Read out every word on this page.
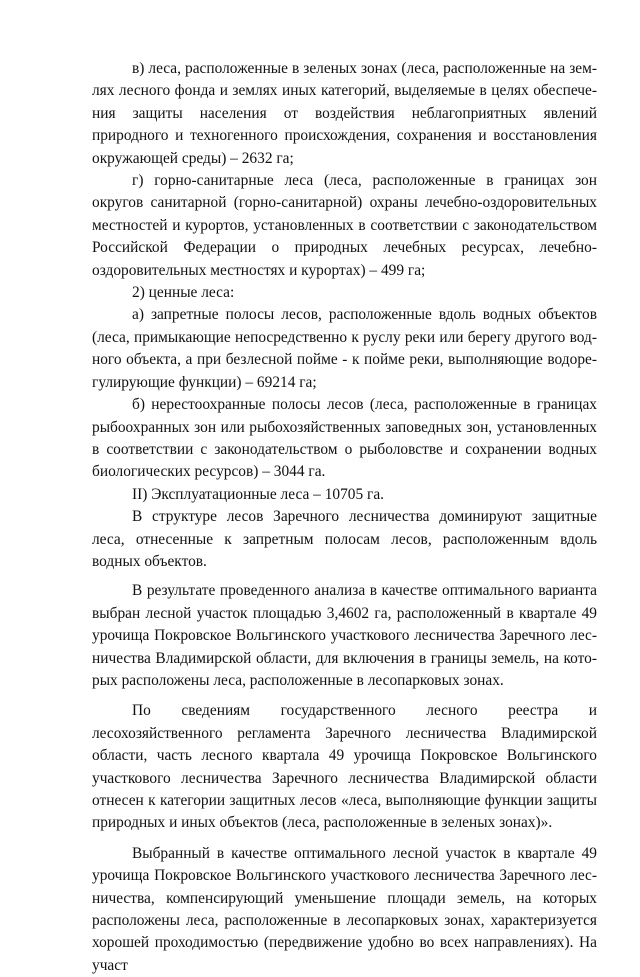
в) леса, расположенные в зеленых зонах (леса, расположенные на землях лесного фонда и землях иных категорий, выделяемые в целях обеспечения защиты населения от воздействия неблагоприятных явлений природного и техногенного происхождения, сохранения и восстановления окружающей среды) – 2632 га;

г) горно-санитарные леса (леса, расположенные в границах зон округов санитарной (горно-санитарной) охраны лечебно-оздоровительных местностей и курортов, установленных в соответствии с законодательством Российской Федерации о природных лечебных ресурсах, лечебно-оздоровительных местностях и курортах) – 499 га;

2) ценные леса:

а) запретные полосы лесов, расположенные вдоль водных объектов (леса, примыкающие непосредственно к руслу реки или берегу другого водного объекта, а при безлесной пойме - к пойме реки, выполняющие водорегулирующие функции) – 69214 га;

б) нерестоохранные полосы лесов (леса, расположенные в границах рыбоохранных зон или рыбохозяйственных заповедных зон, установленных в соответствии с законодательством о рыболовстве и сохранении водных биологических ресурсов) – 3044 га.

II) Эксплуатационные леса – 10705 га.

В структуре лесов Заречного лесничества доминируют защитные леса, отнесенные к запретным полосам лесов, расположенным вдоль водных объектов.

В результате проведенного анализа в качестве оптимального варианта выбран лесной участок площадью 3,4602 га, расположенный в квартале 49 урочища Покровское Вольгинского участкового лесничества Заречного лесничества Владимирской области, для включения в границы земель, на которых расположены леса, расположенные в лесопарковых зонах.

По сведениям государственного лесного реестра и лесохозяйственного регламента Заречного лесничества Владимирской области, часть лесного квартала 49 урочища Покровское Вольгинского участкового лесничества Заречного лесничества Владимирской области отнесен к категории защитных лесов «леса, выполняющие функции защиты природных и иных объектов (леса, расположенные в зеленых зонах)».

Выбранный в качестве оптимального лесной участок в квартале 49 урочища Покровское Вольгинского участкового лесничества Заречного лесничества, компенсирующий уменьшение площади земель, на которых расположены леса, расположенные в лесопарковых зонах, характеризуется хорошей проходимостью (передвижение удобно во всех направлениях). На участ
